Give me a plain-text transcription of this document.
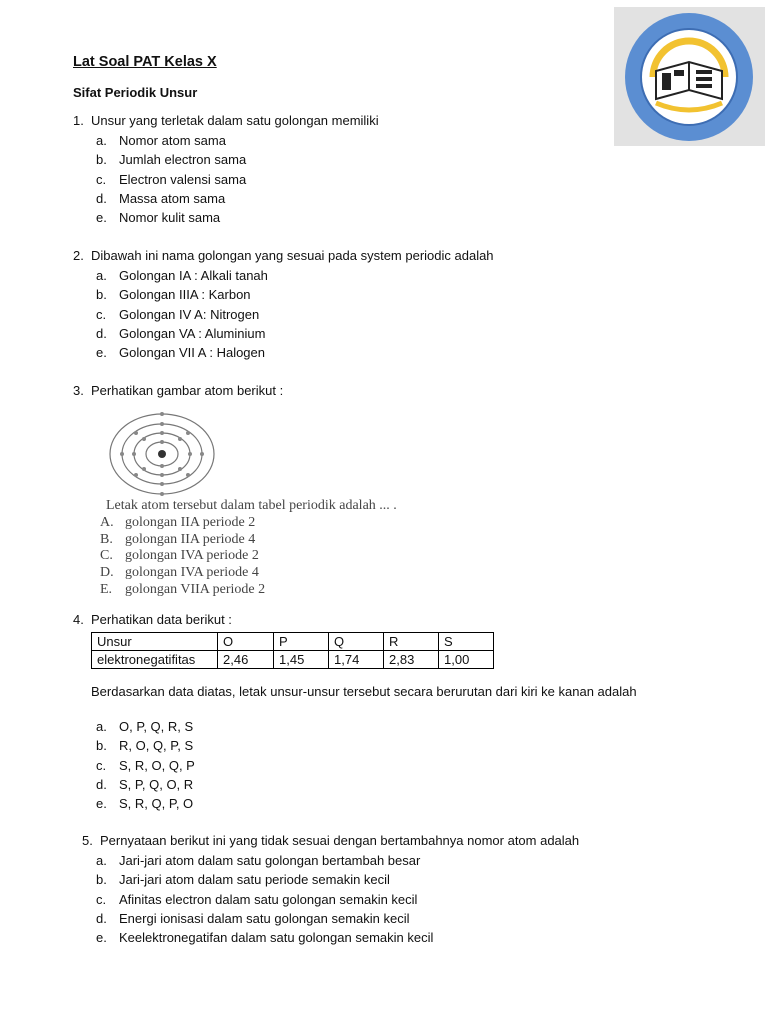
Lat Soal PAT Kelas X
Sifat Periodik Unsur
1. Unsur yang terletak dalam satu golongan memiliki
a. Nomor atom sama
b. Jumlah electron sama
c. Electron valensi sama
d. Massa atom sama
e. Nomor kulit sama
2. Dibawah ini nama golongan yang sesuai pada system periodic adalah
a. Golongan IA : Alkali tanah
b. Golongan IIIA : Karbon
c. Golongan IV A: Nitrogen
d. Golongan VA : Aluminium
e. Golongan VII A : Halogen
3. Perhatikan gambar atom berikut :
Letak atom tersebut dalam tabel periodik adalah ... .
A. golongan IIA periode 2
B. golongan IIA periode 4
C. golongan IVA periode 2
D. golongan IVA periode 4
E. golongan VIIA periode 2
4. Perhatikan data berikut :
Unsur	O	P	Q	R	S
elektronegatifitas	2,46	1,45	1,74	2,83	1,00
Berdasarkan data diatas, letak unsur-unsur tersebut secara berurutan dari kiri ke kanan adalah
a. O, P, Q, R, S
b. R, O, Q, P, S
c. S, R, O, Q, P
d. S, P, Q, O, R
e. S, R, Q, P, O
5. Pernyataan berikut ini yang tidak sesuai dengan bertambahnya nomor atom adalah
a. Jari-jari atom dalam satu golongan bertambah besar
b. Jari-jari atom dalam satu periode semakin kecil
c. Afinitas electron dalam satu golongan semakin kecil
d. Energi ionisasi dalam satu golongan semakin kecil
e. Keelektronegatifan dalam satu golongan semakin kecil
